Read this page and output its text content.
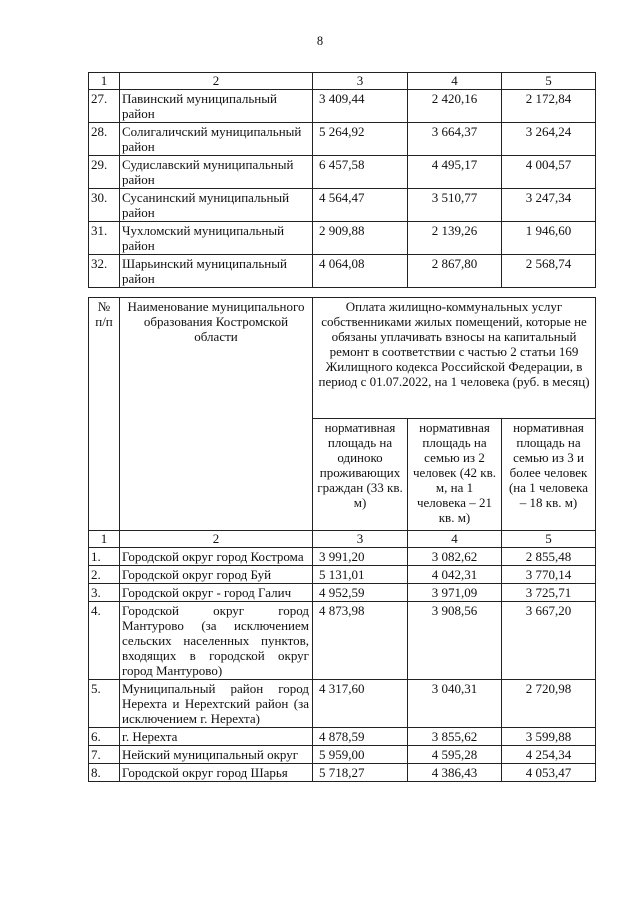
8
1	2	3	4	5
27.	Павинский муниципальный район	3 409,44	2 420,16	2 172,84
28.	Солигаличский муниципальный район	5 264,92	3 664,37	3 264,24
29.	Судиславский муниципальный район	6 457,58	4 495,17	4 004,57
30.	Сусанинский муниципальный район	4 564,47	3 510,77	3 247,34
31.	Чухломский муниципальный район	2 909,88	2 139,26	1 946,60
32.	Шарьинский муниципальный район	4 064,08	2 867,80	2 568,74
№ п/п	Наименование муниципального образования Костромской области	Оплата жилищно-коммунальных услуг собственниками жилых помещений, которые не обязаны уплачивать взносы на капитальный ремонт в соответствии с частью 2 статьи 169 Жилищного кодекса Российской Федерации, в период с 01.07.2022, на 1 человека (руб. в месяц)		
		нормативная площадь на одиноко проживающих граждан (33 кв. м)	нормативная площадь на семью из 2 человек (42 кв. м, на 1 человека – 21 кв. м)	нормативная площадь на семью из 3 и более человек (на 1 человека – 18 кв. м)
1	2	3	4	5
1.	Городской округ город Кострома	3 991,20	3 082,62	2 855,48
2.	Городской округ город Буй	5 131,01	4 042,31	3 770,14
3.	Городской округ - город Галич	4 952,59	3 971,09	3 725,71
4.	Городской округ город Мантурово (за исключением сельских населенных пунктов, входящих в городской округ город Мантурово)	4 873,98	3 908,56	3 667,20
5.	Муниципальный район город Нерехта и Нерехтский район (за исключением г. Нерехта)	4 317,60	3 040,31	2 720,98
6.	г. Нерехта	4 878,59	3 855,62	3 599,88
7.	Нейский муниципальный округ	5 959,00	4 595,28	4 254,34
8.	Городской округ город Шарья	5 718,27	4 386,43	4 053,47
